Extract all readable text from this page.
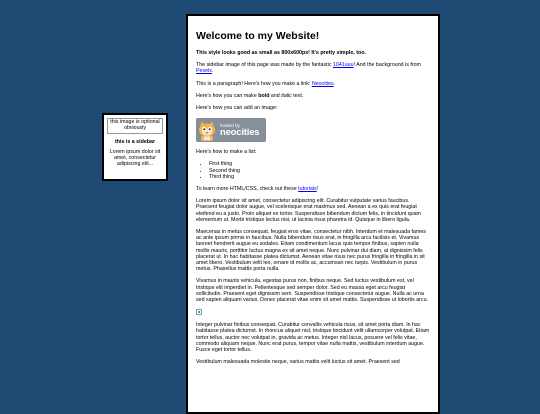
this image is optional obviously
this is a sidebar
Lorem ipsum dolor sit amet, consectetur adipiscing elit...
Welcome to my Website!

This style looks good as small as 800x600px! It's pretty simple, too.

The sidebar image of this page was made by the fantastic 1041uuu! And the background is from Pexels.

This is a paragraph! Here's how you make a link: Neocities.

Here's how you can make bold and italic text.

Here's how you can add an image:

hosted by
neocities

Here's how to make a list:

• First thing
• Second thing
• Third thing

To learn more HTML/CSS, check out these tutorials!

Lorem ipsum dolor sit amet, consectetur adipiscing elit. Curabitur vulputate varius faucibus. Praesent feugiat dolor augue, vel scelerisque erat maximus sed. Aenean a ex quis erat feugiat eleifend eu a justo. Proin aliquet ex tortor. Suspendisse bibendum dictum felis, in tincidunt quam elementum ut. Morbi tristique lectus nisi, ut lacinia risus pharetra id. Quisque in libero ligula.

Maecenas in metus consequat, feugiat eros vitae, consectetur nibh. Interdum et malesuada fames ac ante ipsum primis in faucibus. Nulla bibendum risus erat, in fringilla arcu facilisis et. Vivamus laoreet hendrerit augue eu sodales. Etiam condimentum lacus quis tempor finibus, sapien nulla mollis mauris, porttitor luctus magna ex sit amet neque. Nunc pulvinar dui diam, at dignissim felis placerat ut. In hac habitasse platea dictumst. Aenean vitae risus nec purus fringilla in fringilla in sit amet libero. Vestibulum velit leo, ornare id mollis ac, accumsan nec turpis. Vestibulum in purus metus. Phasellus mattis porta nulla.

Vivamus in mauris vehicula, egestas purus non, finibus neque. Sed luctus vestibulum est, vel tristique elit imperdiet in. Pellentesque sed semper dolor. Sed eu massa eget arcu feugiat sollicitudin. Praesent eget dignissim sem. Suspendisse tristique consectetur augue. Nulla ac urna sed sapien aliquam varius. Donec placerat vitae enim sit amet mattis. Suspendisse ut lobortis arcu.

Integer pulvinar finibus consequat. Curabitur convallis vehicula risus, sit amet porta diam. In hac habitasse platea dictumst. In rhoncus aliquet nisl, tristique tincidunt velit ullamcorper volutpat. Etiam tortor tellus, auctor nec volutpat in, gravida ac metus. Integer nisl lacus, posuere vel felis vitae, commodo aliquam neque. Nunc erat purus, tempor vitae nulla mattis, vestibulum interdum augue. Fusce eget tortor tellus.

Vestibulum malesuada molestie neque, varius mattis velit luctus sit amet. Praesent sed
